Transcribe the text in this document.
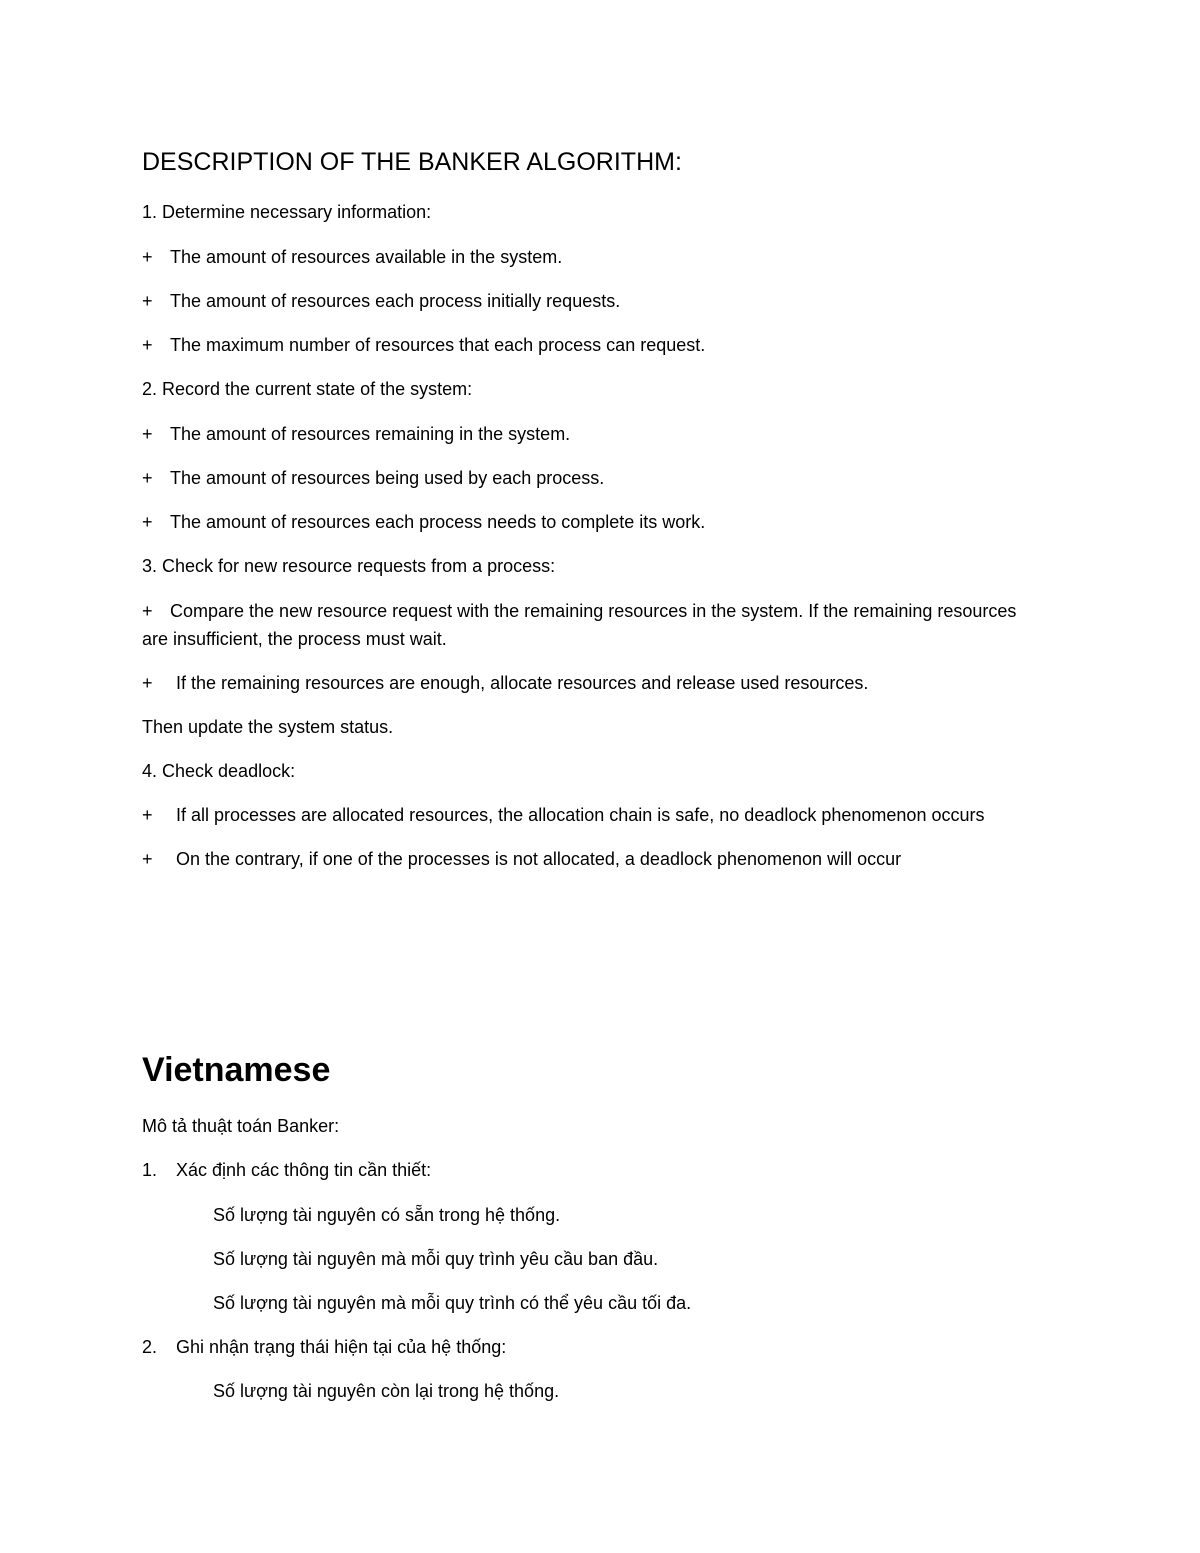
DESCRIPTION OF THE BANKER ALGORITHM:
1. Determine necessary information:
+ The amount of resources available in the system.
+ The amount of resources each process initially requests.
+ The maximum number of resources that each process can request.
2. Record the current state of the system:
+ The amount of resources remaining in the system.
+ The amount of resources being used by each process.
+ The amount of resources each process needs to complete its work.
3. Check for new resource requests from a process:
+ Compare the new resource request with the remaining resources in the system. If the remaining resources are insufficient, the process must wait.
+ If the remaining resources are enough, allocate resources and release used resources.
Then update the system status.
4. Check deadlock:
+ If all processes are allocated resources, the allocation chain is safe, no deadlock phenomenon occurs
+ On the contrary, if one of the processes is not allocated, a deadlock phenomenon will occur
Vietnamese
Mô tả thuật toán Banker:
1. Xác định các thông tin cần thiết:
Số lượng tài nguyên có sẵn trong hệ thống.
Số lượng tài nguyên mà mỗi quy trình yêu cầu ban đầu.
Số lượng tài nguyên mà mỗi quy trình có thể yêu cầu tối đa.
2. Ghi nhận trạng thái hiện tại của hệ thống:
Số lượng tài nguyên còn lại trong hệ thống.
